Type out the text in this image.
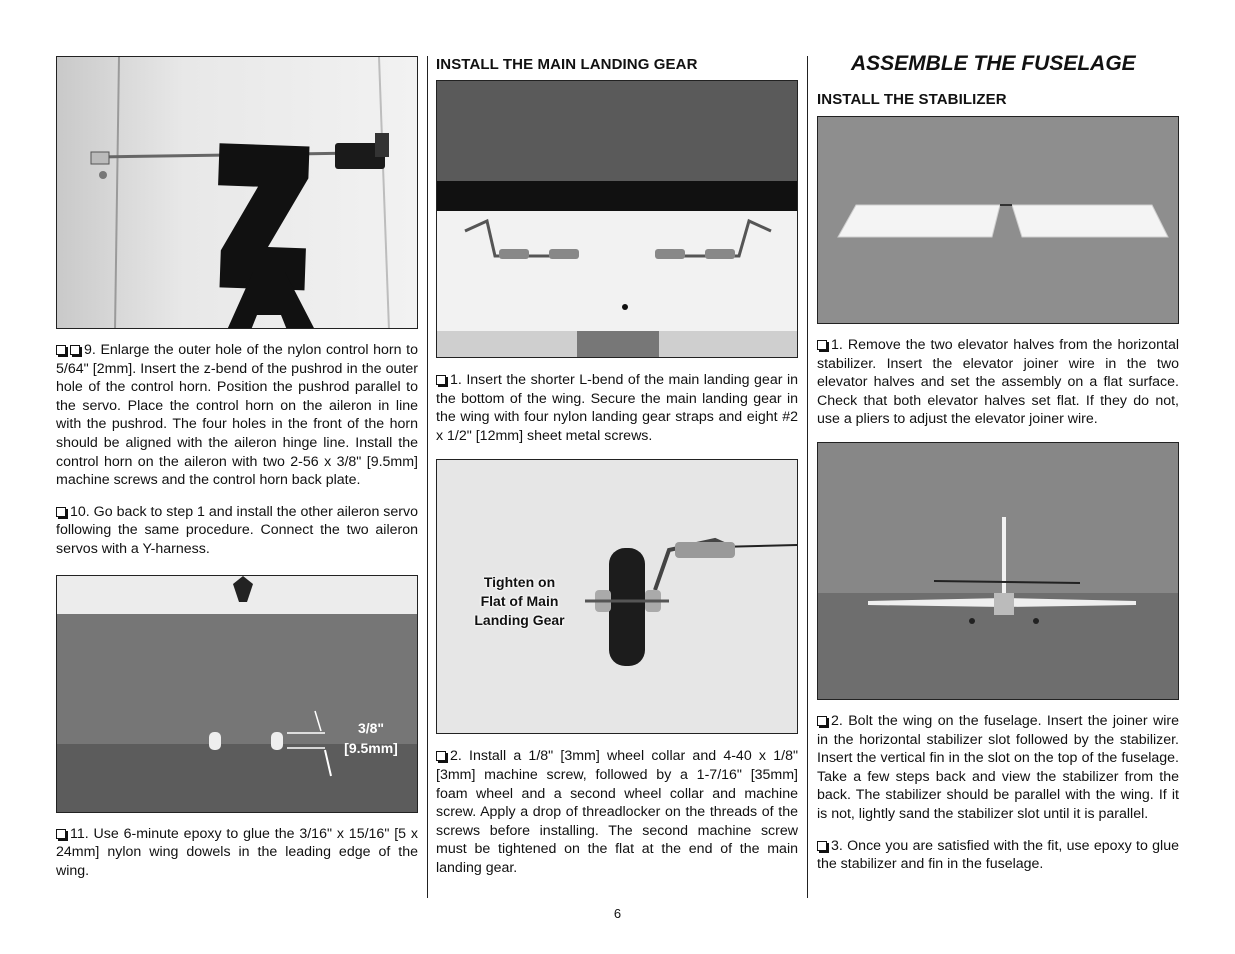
9. Enlarge the outer hole of the nylon control horn to 5/64" [2mm]. Insert the z-bend of the pushrod in the outer hole of the control horn. Position the pushrod parallel to the servo. Place the control horn on the aileron in line with the pushrod. The four holes in the front of the horn should be aligned with the aileron hinge line. Install the control horn on the aileron with two 2-56 x 3/8" [9.5mm] machine screws and the control horn back plate.

10. Go back to step 1 and install the other aileron servo following the same procedure. Connect the two aileron servos with a Y-harness.

3/8"
[9.5mm]

11. Use 6-minute epoxy to glue the 3/16" x 15/16" [5 x 24mm] nylon wing dowels in the leading edge of the wing.

INSTALL THE MAIN LANDING GEAR

1. Insert the shorter L-bend of the main landing gear in the bottom of the wing. Secure the main landing gear in the wing with four nylon landing gear straps and eight #2 x 1/2" [12mm] sheet metal screws.

Tighten on
Flat of Main
Landing Gear

2. Install a 1/8" [3mm] wheel collar and 4-40 x 1/8" [3mm] machine screw, followed by a 1-7/16" [35mm] foam wheel and a second wheel collar and machine screw. Apply a drop of threadlocker on the threads of the screws before installing. The second machine screw must be tightened on the flat at the end of the main landing gear.

ASSEMBLE THE FUSELAGE
INSTALL THE STABILIZER

1. Remove the two elevator halves from the horizontal stabilizer. Insert the elevator joiner wire in the two elevator halves and set the assembly on a flat surface. Check that both elevator halves set flat. If they do not, use a pliers to adjust the elevator joiner wire.

2. Bolt the wing on the fuselage. Insert the joiner wire in the horizontal stabilizer slot followed by the stabilizer. Insert the vertical fin in the slot on the top of the fuselage. Take a few steps back and view the stabilizer from the back. The stabilizer should be parallel with the wing. If it is not, lightly sand the stabilizer slot until it is parallel.

3. Once you are satisfied with the fit, use epoxy to glue the stabilizer and fin in the fuselage.

6
